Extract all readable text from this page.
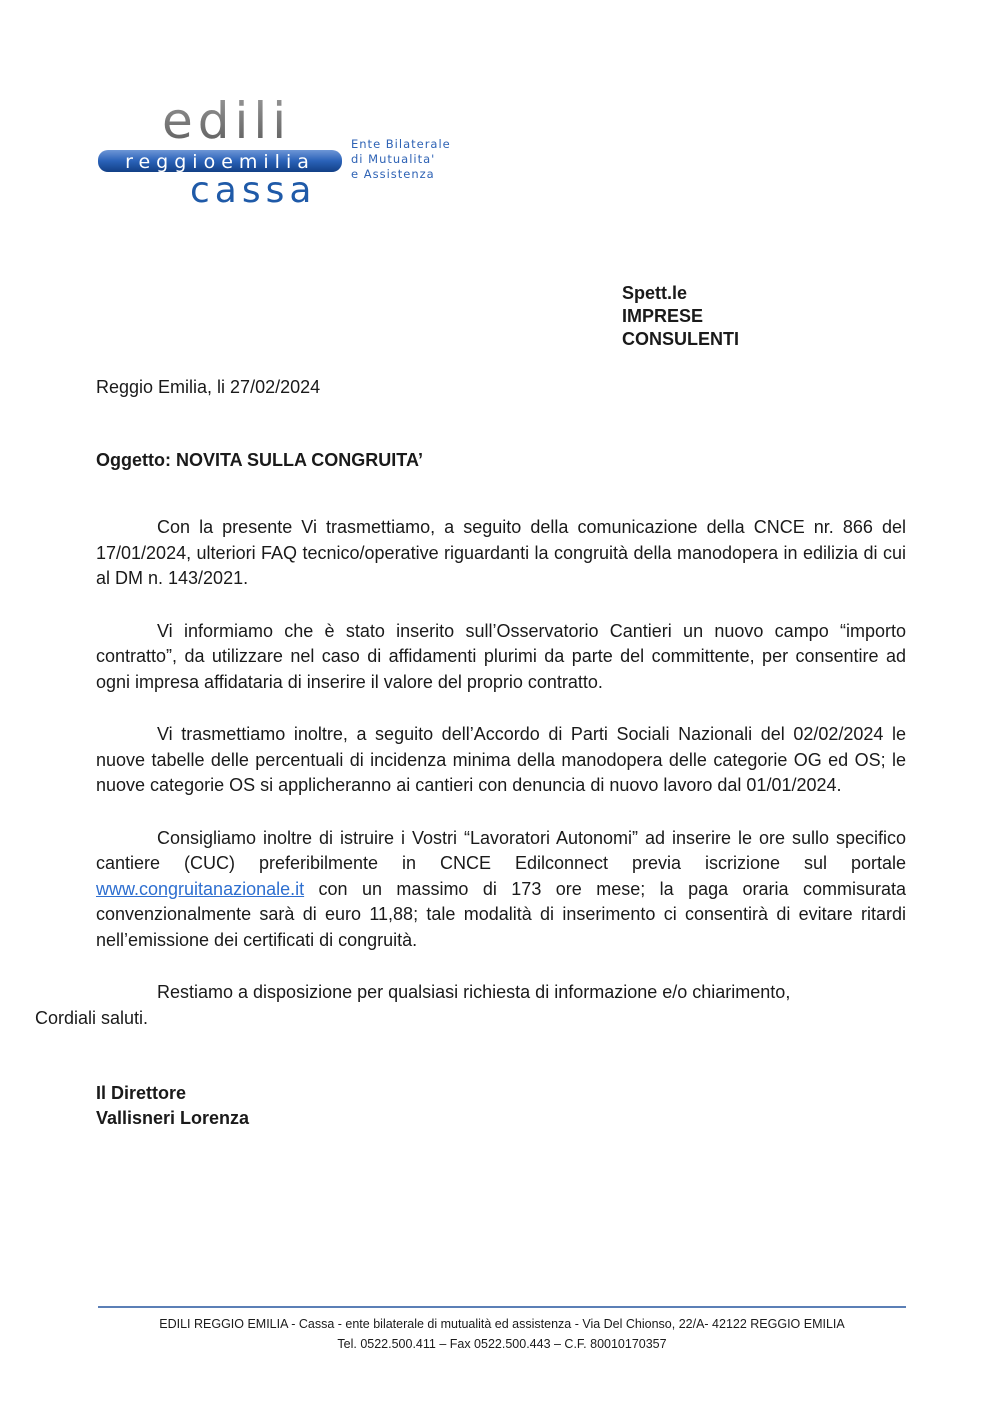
edili
reggioemilia
cassa
Ente Bilaterale
di Mutualita'
e Assistenza
Spett.le
IMPRESE
CONSULENTI
Reggio Emilia, li 27/02/2024
Oggetto: NOVITA SULLA CONGRUITA’

Con la presente Vi trasmettiamo, a seguito della comunicazione della CNCE nr. 866 del 17/01/2024, ulteriori FAQ tecnico/operative riguardanti la congruità della manodopera in edilizia di cui al DM n. 143/2021.

Vi informiamo che è stato inserito sull’Osservatorio Cantieri un nuovo campo “importo contratto”, da utilizzare nel caso di affidamenti plurimi da parte del committente, per consentire ad ogni impresa affidataria di inserire il valore del proprio contratto.

Vi trasmettiamo inoltre, a seguito dell’Accordo di Parti Sociali Nazionali del 02/02/2024 le nuove tabelle delle percentuali di incidenza minima della manodopera delle categorie OG ed OS; le nuove categorie OS si applicheranno ai cantieri con denuncia di nuovo lavoro dal 01/01/2024.

Consigliamo inoltre di istruire i Vostri “Lavoratori Autonomi” ad inserire le ore sullo specifico cantiere (CUC) preferibilmente in CNCE Edilconnect previa iscrizione sul portale www.congruitanazionale.it con un massimo di 173 ore mese; la paga oraria commisurata convenzionalmente sarà di euro 11,88; tale modalità di inserimento ci consentirà di evitare ritardi nell’emissione dei certificati di congruità.

Restiamo a disposizione per qualsiasi richiesta di informazione e/o chiarimento,
Cordiali saluti.

Il Direttore
Vallisneri Lorenza
EDILI REGGIO EMILIA - Cassa - ente bilaterale di mutualità ed assistenza - Via Del Chionso, 22/A- 42122 REGGIO EMILIA
Tel. 0522.500.411 – Fax 0522.500.443 – C.F. 80010170357
